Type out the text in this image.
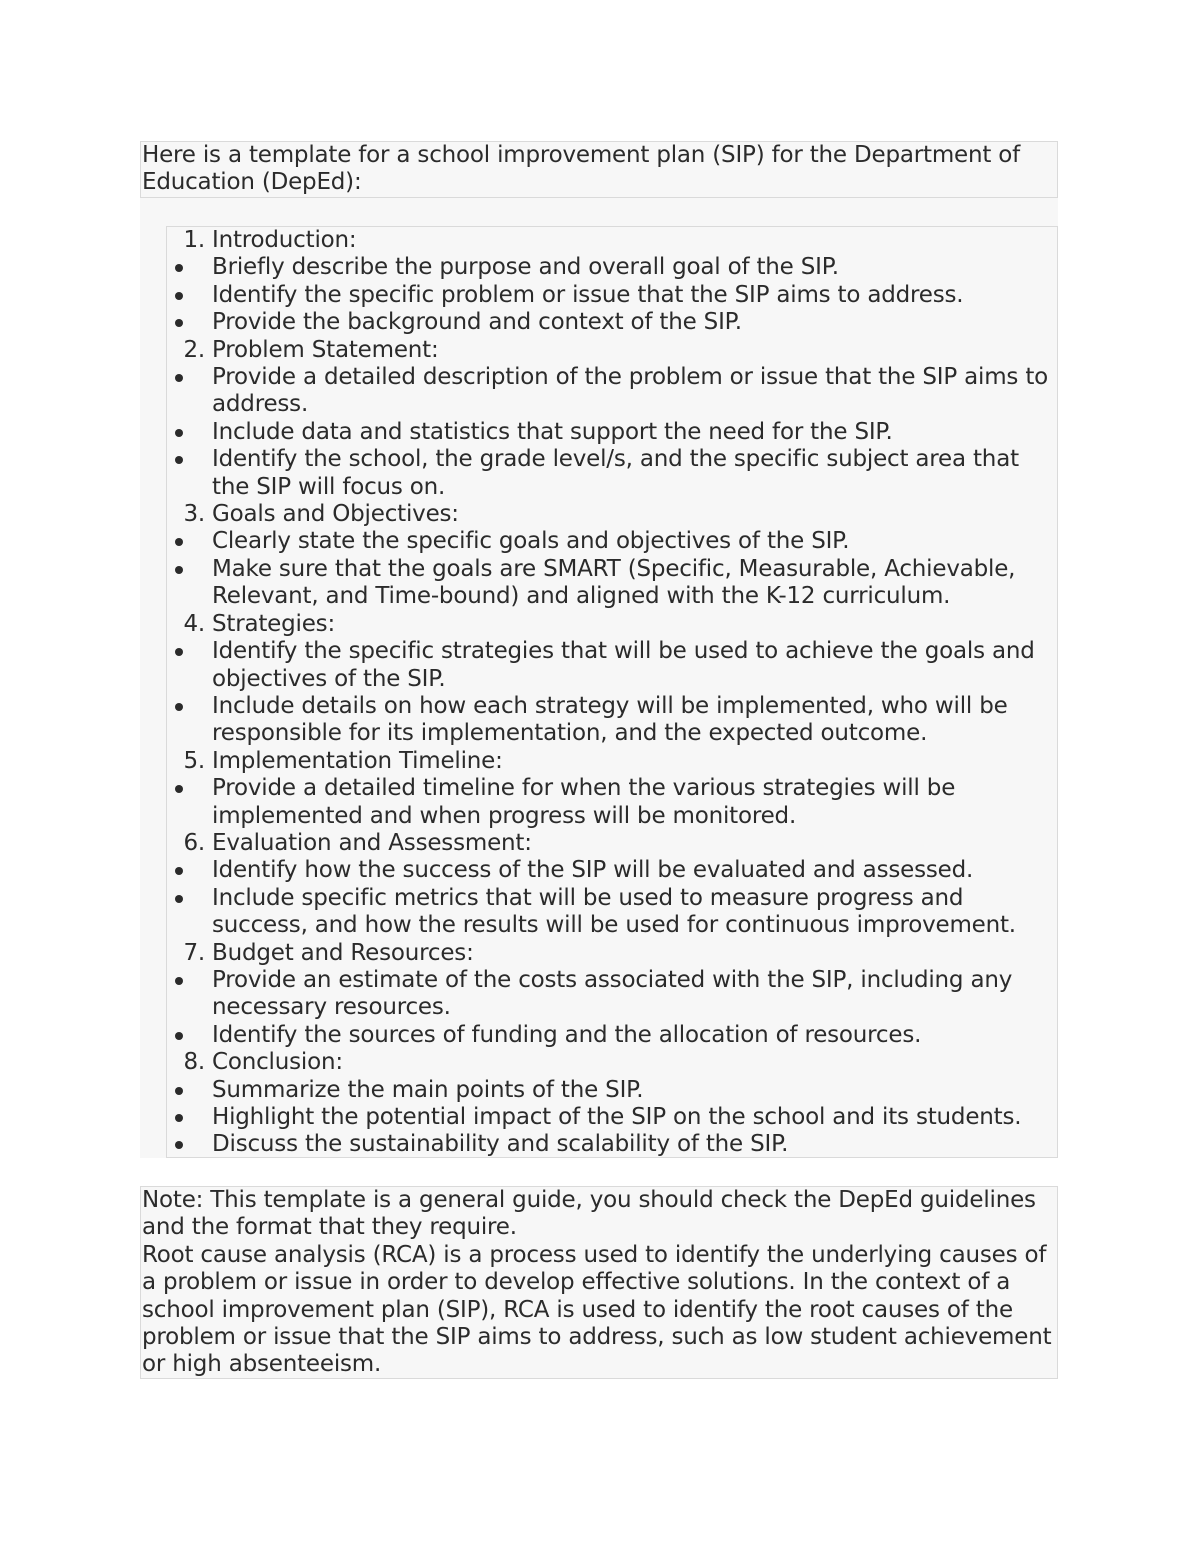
Here is a template for a school improvement plan (SIP) for the Department of Education (DepEd):
1. Introduction:
Briefly describe the purpose and overall goal of the SIP.
Identify the specific problem or issue that the SIP aims to address.
Provide the background and context of the SIP.
2. Problem Statement:
Provide a detailed description of the problem or issue that the SIP aims to address.
Include data and statistics that support the need for the SIP.
Identify the school, the grade level/s, and the specific subject area that the SIP will focus on.
3. Goals and Objectives:
Clearly state the specific goals and objectives of the SIP.
Make sure that the goals are SMART (Specific, Measurable, Achievable, Relevant, and Time-bound) and aligned with the K-12 curriculum.
4. Strategies:
Identify the specific strategies that will be used to achieve the goals and objectives of the SIP.
Include details on how each strategy will be implemented, who will be responsible for its implementation, and the expected outcome.
5. Implementation Timeline:
Provide a detailed timeline for when the various strategies will be implemented and when progress will be monitored.
6. Evaluation and Assessment:
Identify how the success of the SIP will be evaluated and assessed.
Include specific metrics that will be used to measure progress and success, and how the results will be used for continuous improvement.
7. Budget and Resources:
Provide an estimate of the costs associated with the SIP, including any necessary resources.
Identify the sources of funding and the allocation of resources.
8. Conclusion:
Summarize the main points of the SIP.
Highlight the potential impact of the SIP on the school and its students.
Discuss the sustainability and scalability of the SIP.
Note: This template is a general guide, you should check the DepEd guidelines and the format that they require.
Root cause analysis (RCA) is a process used to identify the underlying causes of a problem or issue in order to develop effective solutions. In the context of a school improvement plan (SIP), RCA is used to identify the root causes of the problem or issue that the SIP aims to address, such as low student achievement or high absenteeism.
